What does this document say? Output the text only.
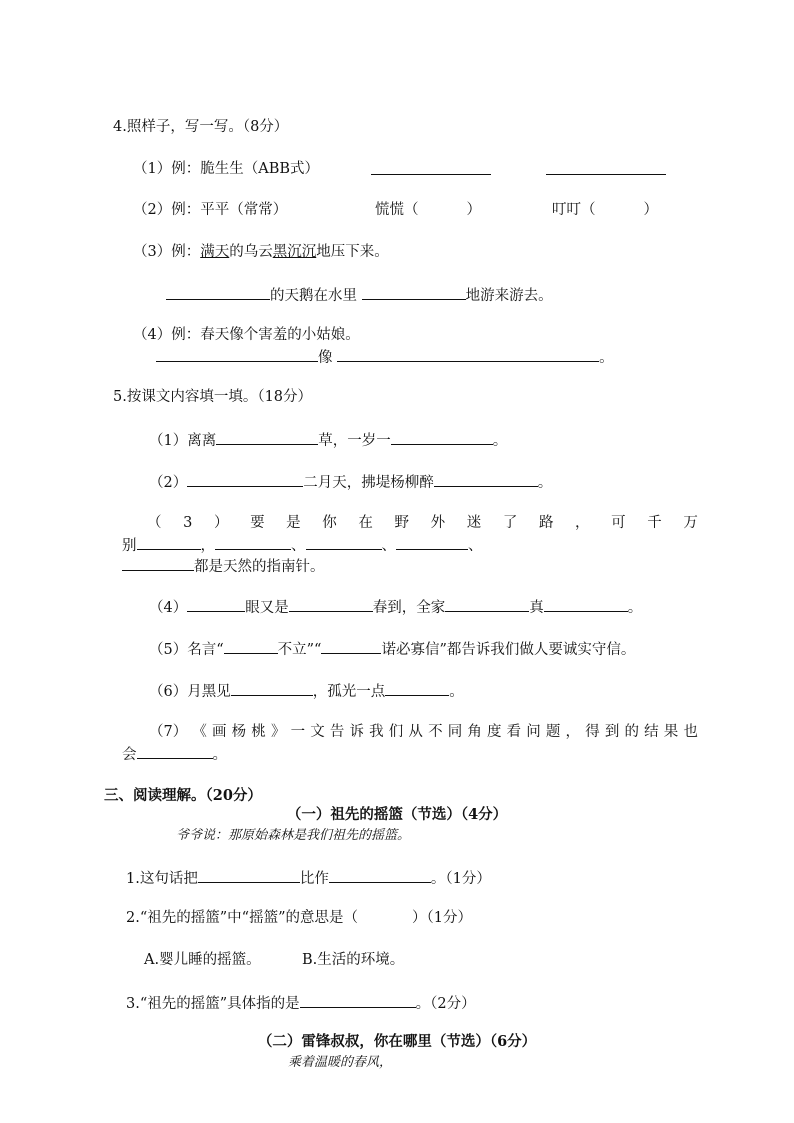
4.照样子，写一写。（8分）
（1）例：脆生生（ABB式）
（2）例：平平（常常）	慌慌（	）	叮叮（	）
（3）例：满天的乌云黑沉沉地压下来。
的天鹅在水里	地游来游去。
（4）例：春天像个害羞的小姑娘。
像	。
5.按课文内容填一填。（18分）
（1）离离	草，一岁一	。
（2）	二月天，拂堤杨柳醉	。
（ 3 ） 要 是 你 在 野 外 迷 了 路 ， 可 千 万
别	，	、	、	、
都是天然的指南针。
（4）	眼又是	春到，全家	真	。
（5）名言“	不立”“	诺必寡信”都告诉我们做人要诚实守信。
（6）月黑见	，孤光一点	。
（7） 《 画 杨 桃 》 一 文 告 诉 我 们 从 不 同 角 度 看 问 题 ， 得 到 的 结 果 也
会	。
三、阅读理解。（20分）
（一）祖先的摇篮（节选）（4分）
爷爷说：那原始森林是我们祖先的摇篮。
1.这句话把	比作	。（1分）
2.“祖先的摇篮”中“摇篮”的意思是（	）（1分）
A.婴儿睡的摇篮。	B.生活的环境。
3.“祖先的摇篮”具体指的是	。（2分）
（二）雷锋叔叔，你在哪里（节选）（6分）
乘着温暖的春风，
